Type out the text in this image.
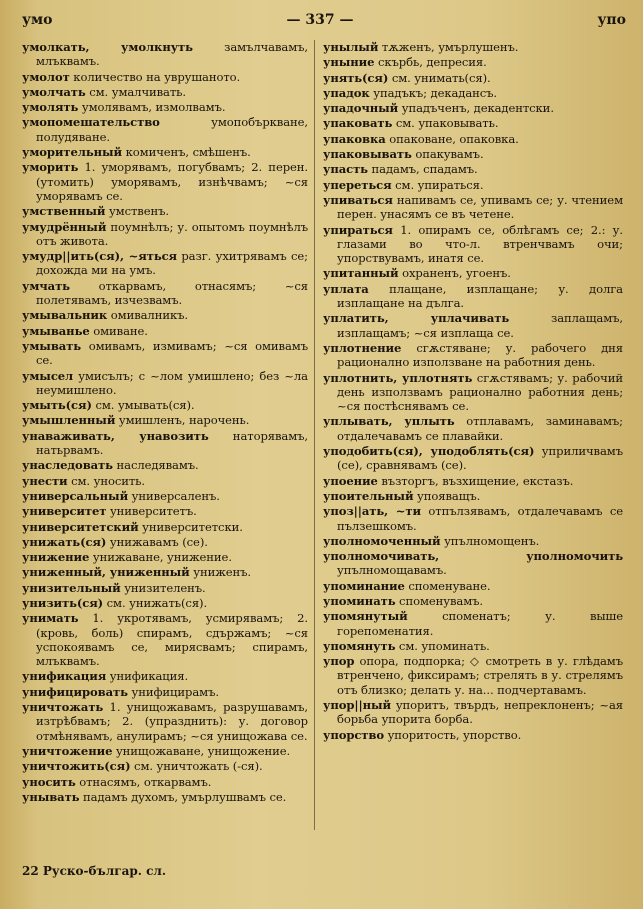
умо	— 337 —	упо
умолкать, умолкнуть замълчавамъ, млъквамъ.
умолот количество на уврушаното.
умолчать см. умалчивать.
умолять умолявамъ, измолвамъ.
умопомешательство умопобъркване, полудяване.
уморительный комиченъ, смѣшенъ.
уморить 1. уморявамъ, погубвамъ; 2. перен. (утомить) уморявамъ, изнѣчвамъ; ~ся уморявамъ се.
умственный умственъ.
умудрённый поумнѣлъ; у. опытомъ поумнѣлъ отъ живота.
умудр||ить(ся), ~яться разг. ухитрявамъ се; дохожда ми на умъ.
умчать откарвамъ, отнасямъ; ~ся полетявамъ, изчезвамъ.
умывальник омивалникъ.
умыванье омиване.
умывать омивамъ, измивамъ; ~ся омивамъ се.
умысел умисълъ; с ~лом умишлено; без ~ла неумишлено.
умыть(ся) см. умывать(ся).
умышленный умишленъ, нарочень.
унаваживать, унавозить наторявамъ, натьрвамъ.
унаследовать наследявамъ.
унести см. уносить.
универсальный универсаленъ.
университет университетъ.
университетский университетски.
унижать(ся) унижавамъ (се).
унижение унижаване, унижение.
униженный, униженный униженъ.
унизительный унизителенъ.
унизить(ся) см. унижать(ся).
унимать 1. укротявамъ, усмирявамъ; 2. (кровь, боль) спирамъ, сдържамъ; ~ся успокоявамъ се, мирясвамъ; спирамъ, млъквамъ.
унификация унификация.
унифицировать унифицирамъ.
уничтожать 1. унищожавамъ, разрушавамъ, изтрѣбвамъ; 2. (упразднить): у. договор отмѣнявамъ, анулирамъ; ~ся унищожава се.
уничтожение унищожаване, унищожение.
уничтожить(ся) см. уничтожать (-ся).
уносить отнасямъ, откарвамъ.
унывать падамъ духомъ, умърлушвамъ се.
унылый тѫженъ, умърлушенъ.
уныние скърбь, депресия.
унять(ся) см. унимать(ся).
упадок упадъкъ; декадансъ.
упадочный упадъченъ, декадентски.
упаковать см. упаковывать.
упаковка опаковане, опаковка.
упаковывать опакувамъ.
упасть падамъ, спадамъ.
упереться см. упираться.
упиваться напивамъ се, упивамъ се; у. чтением перен. унасямъ се въ четене.
упираться 1. опирамъ се, облѣгамъ се; 2.: у. глазами во что-л. втренчвамъ очи; упорствувамъ, инатя се.
упитанный охраненъ, угоенъ.
уплата плащане, изплащане; у. долга изплащане на дълга.
уплатить, уплачивать заплащамъ, изплащамъ; ~ся изплаща се.
уплотнение сгѫстяване; у. рабочего дня рационално използване на работния день.
уплотнить, уплотнять сгѫстявамъ; у. рабочий день използвамъ рационално работния день; ~ся постѣснявамъ се.
уплывать, уплыть отплавамъ, заминавамъ; отдалечавамъ се плавайки.
уподобить(ся), уподоблять(ся) уприличвамъ (се), сравнявамъ (се).
упоение възторгъ, възхищение, екстазъ.
упоительный упояващъ.
упоз||ать, ~ти отпълзявамъ, отдалечавамъ се пълзешкомъ.
уполномоченный упълномощенъ.
уполномочивать, уполномочить упълномощавамъ.
упоминание споменуване.
упоминать споменувамъ.
упомянутый споменатъ; у. выше горепоменатия.
упомянуть см. упоминать.
упор опора, подпорка; ◇ смотреть в у. глѣдамъ втренчено, фиксирамъ; стрелять в у. стрелямъ отъ близко; делать у. на... подчертавамъ.
упор||ный упоритъ, твърдъ, непреклоненъ; ~ая борьба упорита борба.
упорство упоритость, упорство.
22 Руско-българ. сл.
